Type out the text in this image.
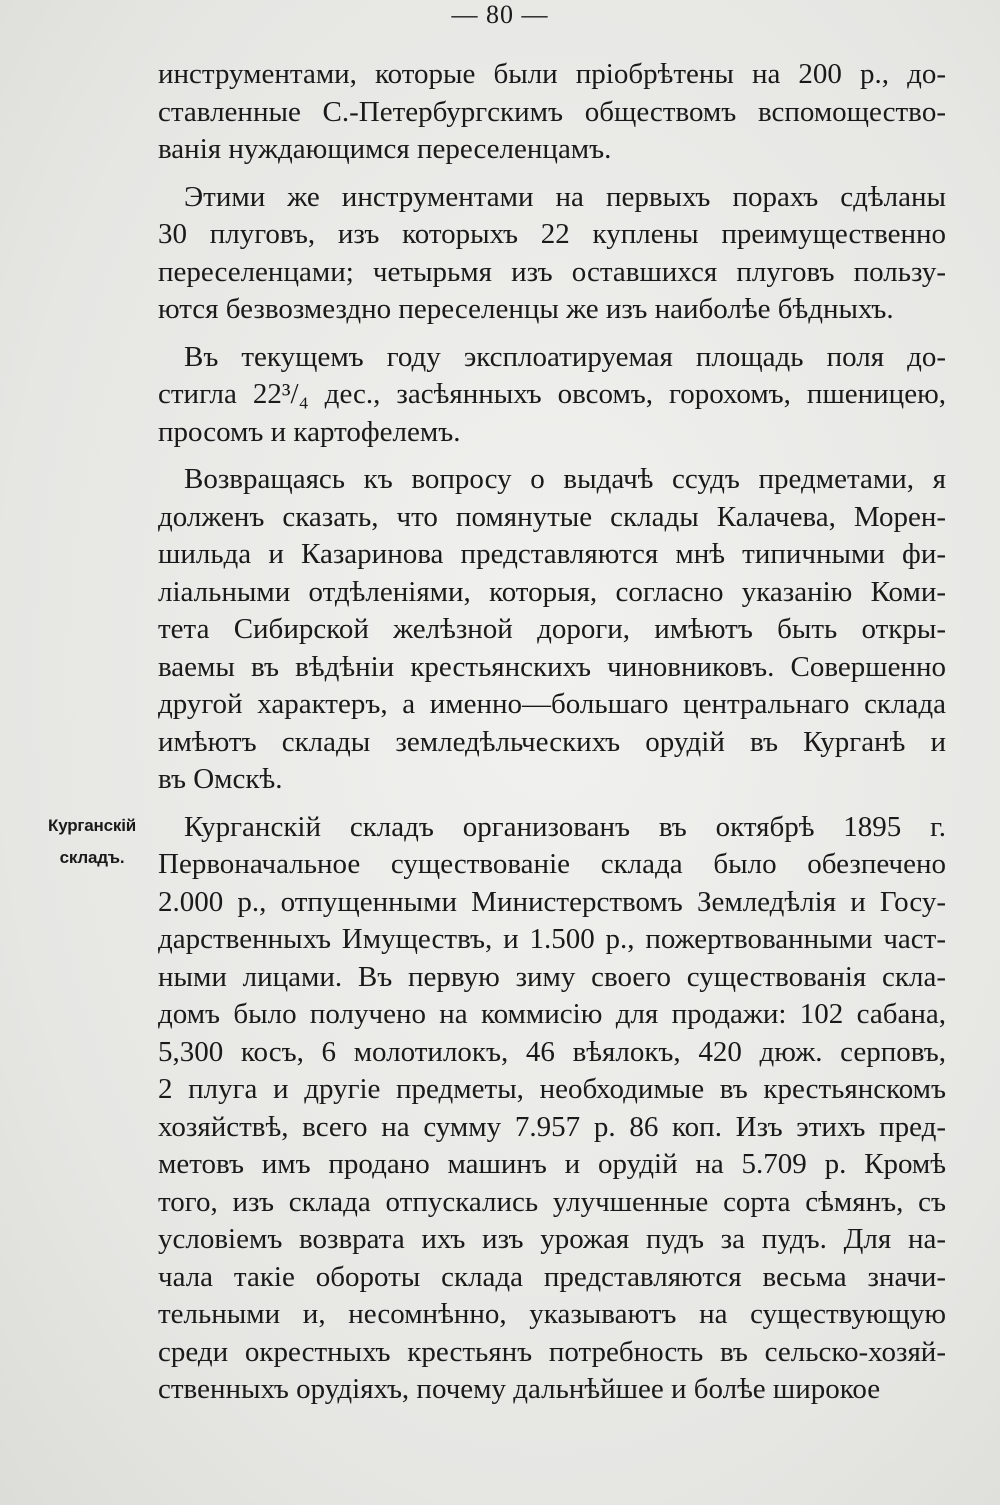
— 80 —
Курганскій
складъ.
инструментами, которые были пріобрѣтены на 200 р., до-
ставленные С.-Петербургскимъ обществомъ вспомоществo-
ванія нуждающимся переселенцамъ.
Этими же инструментами на первыхъ порахъ сдѣланы
30 плуговъ, изъ которыхъ 22 куплены преимущественно
переселенцами; четырьмя изъ оставшихся плуговъ пользу-
ются безвозмездно переселенцы же изъ наиболѣе бѣдныхъ.
Въ текущемъ году эксплоатируемая площадь поля до-
стигла 22³/₄ дес., засѣянныхъ овсомъ, горохомъ, пшеницею,
просомъ и картофелемъ.
Возвращаясь къ вопросу о выдачѣ ссудъ предметами, я
долженъ сказать, что помянутые склады Калачева, Морен-
шильда и Казаринова представляются мнѣ типичными фи-
ліальными отдѣленіями, которыя, согласно указанію Коми-
тета Сибирской желѣзной дороги, имѣютъ быть откры-
ваемы въ вѣдѣніи крестьянскихъ чиновниковъ. Совершенно
другой характеръ, а именно—большаго центральнаго склада
имѣютъ склады земледѣльческихъ орудій въ Курганѣ и
въ Омскѣ.
Курганскій складъ организованъ въ октябрѣ 1895 г.
Первоначальное существованіе склада было обезпечено
2.000 р., отпущенными Министерствомъ Земледѣлія и Госу-
дарственныхъ Имуществъ, и 1.500 р., пожертвованными част-
ными лицами. Въ первую зиму своего существованія скла-
домъ было получено на коммисію для продажи: 102 сабана,
5,300 косъ, 6 молотилокъ, 46 вѣялокъ, 420 дюж. серповъ,
2 плуга и другіе предметы, необходимые въ крестьянскомъ
хозяйствѣ, всего на сумму 7.957 р. 86 коп. Изъ этихъ пред-
метовъ имъ продано машинъ и орудій на 5.709 р. Кромѣ
того, изъ склада отпускались улучшенные сорта сѣмянъ, съ
условіемъ возврата ихъ изъ урожая пудъ за пудъ. Для на-
чала такіе обороты склада представляются весьма значи-
тельными и, несомнѣнно, указываютъ на существующую
среди окрестныхъ крестьянъ потребность въ сельско-хозяй-
ственныхъ орудіяхъ, почему дальнѣйшее и болѣе широкое
